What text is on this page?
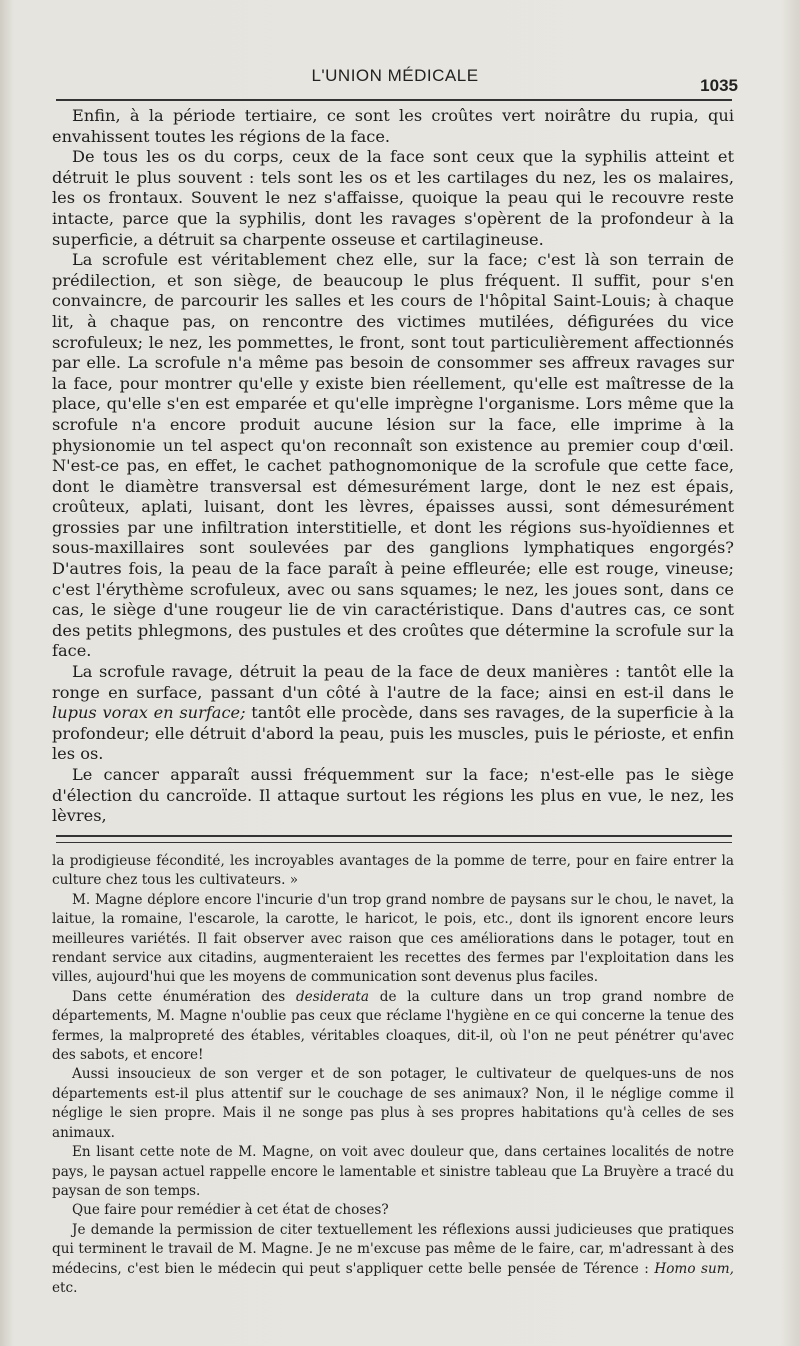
L'UNION MÉDICALE
1035

Enfin, à la période tertiaire, ce sont les croûtes vert noirâtre du rupia, qui envahissent toutes les régions de la face.

De tous les os du corps, ceux de la face sont ceux que la syphilis atteint et détruit le plus souvent : tels sont les os et les cartilages du nez, les os malaires, les os frontaux. Souvent le nez s'affaisse, quoique la peau qui le recouvre reste intacte, parce que la syphilis, dont les ravages s'opèrent de la profondeur à la superficie, a détruit sa charpente osseuse et cartilagineuse.

La scrofule est véritablement chez elle, sur la face; c'est là son terrain de prédilection, et son siège, de beaucoup le plus fréquent. Il suffit, pour s'en convaincre, de parcourir les salles et les cours de l'hôpital Saint-Louis; à chaque lit, à chaque pas, on rencontre des victimes mutilées, défigurées du vice scrofuleux; le nez, les pommettes, le front, sont tout particulièrement affectionnés par elle. La scrofule n'a même pas besoin de consommer ses affreux ravages sur la face, pour montrer qu'elle y existe bien réellement, qu'elle est maîtresse de la place, qu'elle s'en est emparée et qu'elle imprègne l'organisme. Lors même que la scrofule n'a encore produit aucune lésion sur la face, elle imprime à la physionomie un tel aspect qu'on reconnaît son existence au premier coup d'œil. N'est-ce pas, en effet, le cachet pathognomonique de la scrofule que cette face, dont le diamètre transversal est démesurément large, dont le nez est épais, croûteux, aplati, luisant, dont les lèvres, épaisses aussi, sont démesurément grossies par une infiltration interstitielle, et dont les régions sus-hyoïdiennes et sous-maxillaires sont soulevées par des ganglions lymphatiques engorgés? D'autres fois, la peau de la face paraît à peine effleurée; elle est rouge, vineuse; c'est l'érythème scrofuleux, avec ou sans squames; le nez, les joues sont, dans ce cas, le siège d'une rougeur lie de vin caractéristique. Dans d'autres cas, ce sont des petits phlegmons, des pustules et des croûtes que détermine la scrofule sur la face.

La scrofule ravage, détruit la peau de la face de deux manières : tantôt elle la ronge en surface, passant d'un côté à l'autre de la face; ainsi en est-il dans le lupus vorax en surface; tantôt elle procède, dans ses ravages, de la superficie à la profondeur; elle détruit d'abord la peau, puis les muscles, puis le périoste, et enfin les os.

Le cancer apparaît aussi fréquemment sur la face; n'est-elle pas le siège d'élection du cancroïde. Il attaque surtout les régions les plus en vue, le nez, les lèvres,

la prodigieuse fécondité, les incroyables avantages de la pomme de terre, pour en faire entrer la culture chez tous les cultivateurs. »

M. Magne déplore encore l'incurie d'un trop grand nombre de paysans sur le chou, le navet, la laitue, la romaine, l'escarole, la carotte, le haricot, le pois, etc., dont ils ignorent encore leurs meilleures variétés. Il fait observer avec raison que ces améliorations dans le potager, tout en rendant service aux citadins, augmenteraient les recettes des fermes par l'exploitation dans les villes, aujourd'hui que les moyens de communication sont devenus plus faciles.

Dans cette énumération des desiderata de la culture dans un trop grand nombre de départements, M. Magne n'oublie pas ceux que réclame l'hygiène en ce qui concerne la tenue des fermes, la malpropreté des étables, véritables cloaques, dit-il, où l'on ne peut pénétrer qu'avec des sabots, et encore!

Aussi insoucieux de son verger et de son potager, le cultivateur de quelques-uns de nos départements est-il plus attentif sur le couchage de ses animaux? Non, il le néglige comme il néglige le sien propre. Mais il ne songe pas plus à ses propres habitations qu'à celles de ses animaux.

En lisant cette note de M. Magne, on voit avec douleur que, dans certaines localités de notre pays, le paysan actuel rappelle encore le lamentable et sinistre tableau que La Bruyère a tracé du paysan de son temps.

Que faire pour remédier à cet état de choses?

Je demande la permission de citer textuellement les réflexions aussi judicieuses que pratiques qui terminent le travail de M. Magne. Je ne m'excuse pas même de le faire, car, m'adressant à des médecins, c'est bien le médecin qui peut s'appliquer cette belle pensée de Térence : Homo sum, etc.
